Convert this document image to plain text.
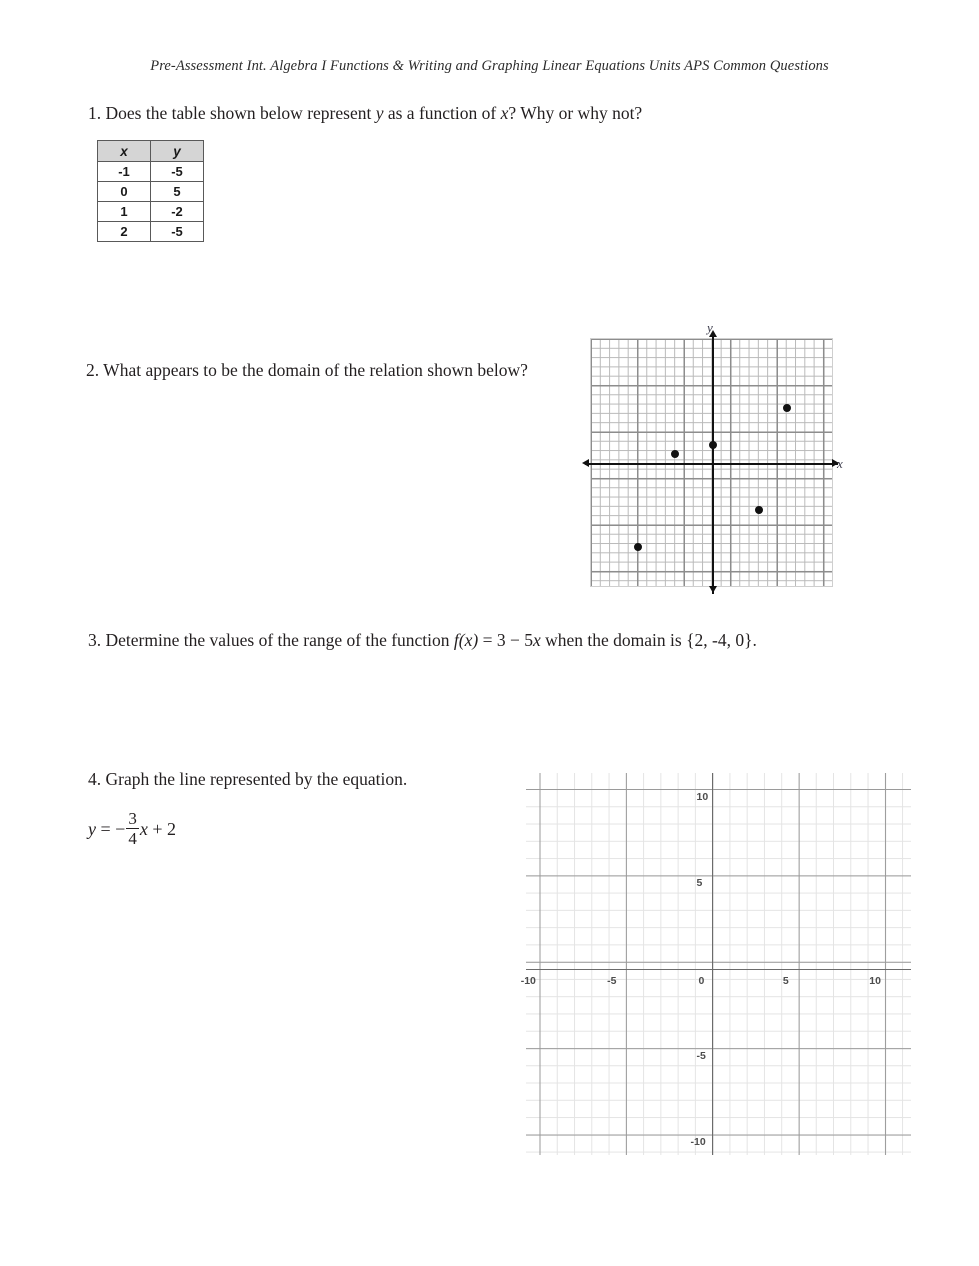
Pre-Assessment Int. Algebra I Functions & Writing and Graphing Linear Equations Units APS Common Questions
1. Does the table shown below represent y as a function of x? Why or why not?
x	y
-1	-5
0	5
1	-2
2	-5
2. What appears to be the domain of the relation shown below?
y
x
3. Determine the values of the range of the function f(x) = 3 − 5x when the domain is {2, -4, 0}.
4. Graph the line represented by the equation.
y = − $\frac{3}{4}$ x + 2
-10	-5	0	5	10
10
5
-5
-10
